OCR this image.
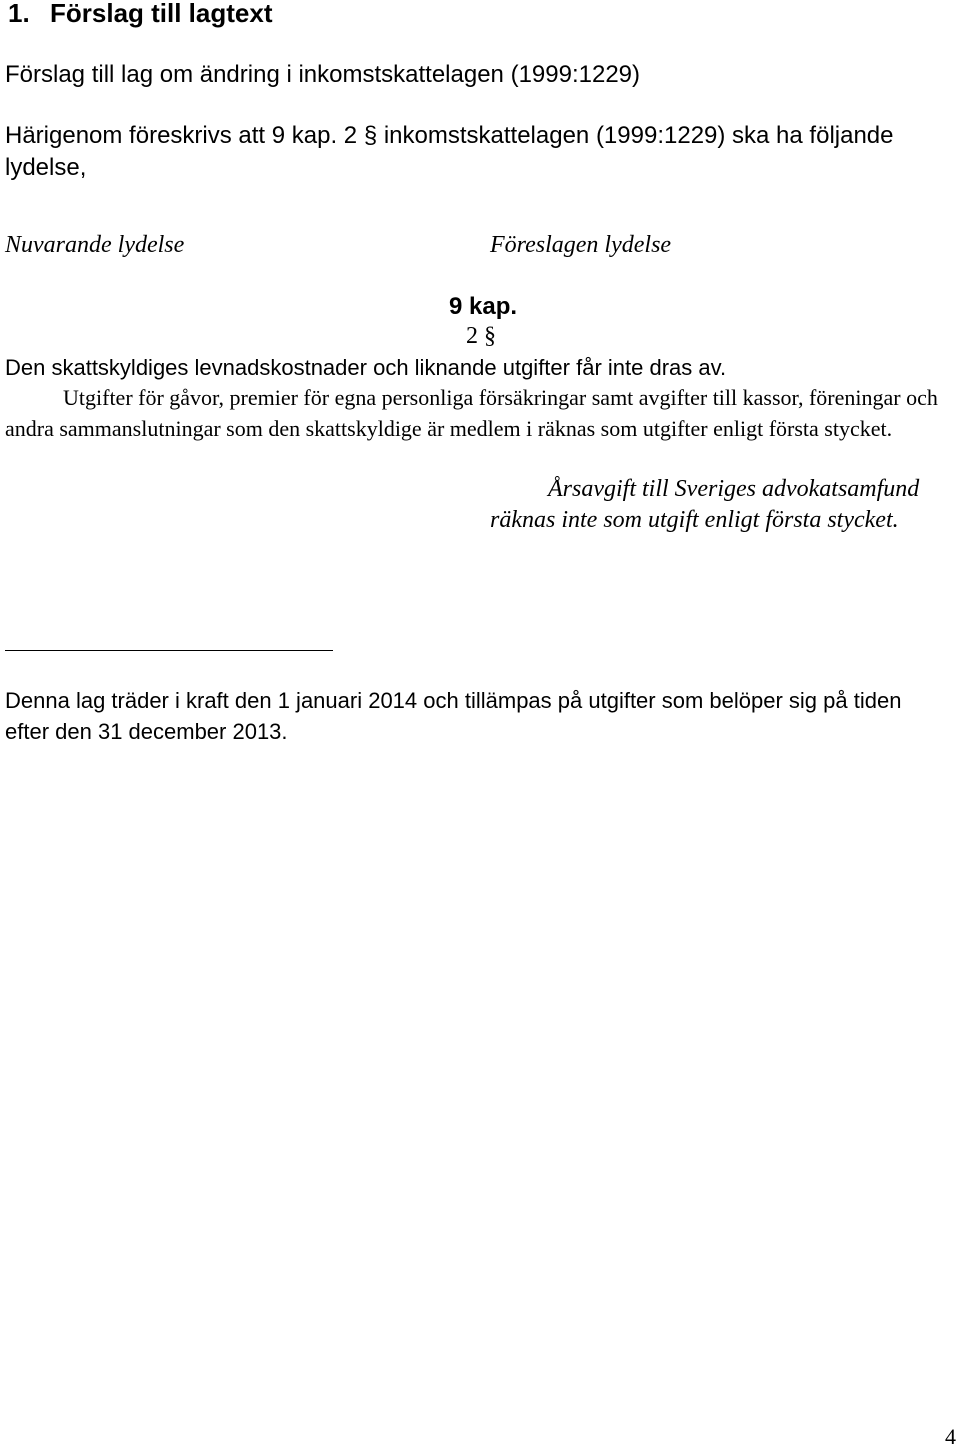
1. Förslag till lagtext

Förslag till lag om ändring i inkomstskattelagen (1999:1229)

Härigenom föreskrivs att 9 kap. 2 § inkomstskattelagen (1999:1229) ska ha följande lydelse,

Nuvarande lydelse	Föreslagen lydelse

9 kap.

2 §

Den skattskyldiges levnadskostnader och liknande utgifter får inte dras av.

Utgifter för gåvor, premier för egna personliga försäkringar samt avgifter till kassor, föreningar och andra sammanslutningar som den skattskyldige är medlem i räknas som utgifter enligt första stycket.

Årsavgift till Sveriges advokatsamfund räknas inte som utgift enligt första stycket.

Denna lag träder i kraft den 1 januari 2014 och tillämpas på utgifter som belöper sig på tiden efter den 31 december 2013.

4
